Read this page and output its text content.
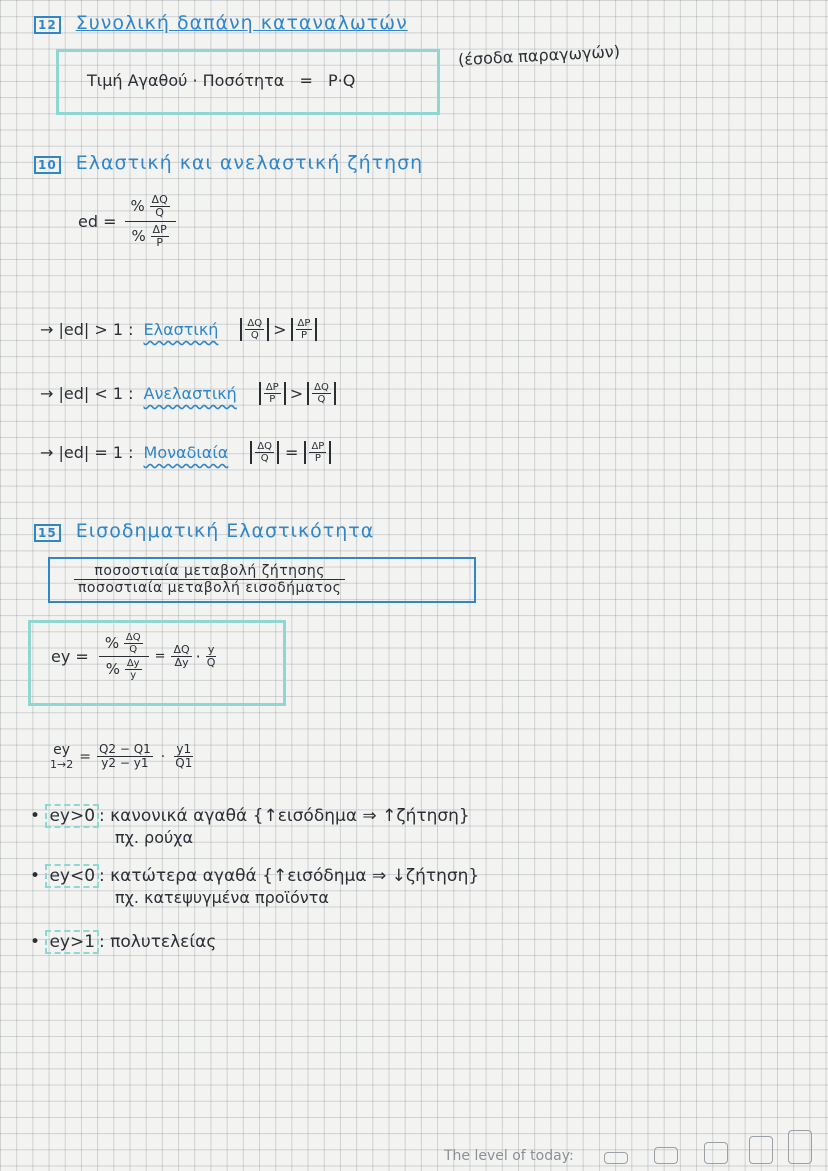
12 Συνολική δαπάνη καταναλωτών
Τιμή Αγαθού · Ποσότητα = P·Q
(έσοδα παραγωγών)
10 Ελαστική και ανελαστική ζήτηση
ed = $\frac{\% \frac{\Delta Q}{Q}}{\% \frac{\Delta P}{P}}$
→ |ed| > 1 : Ελαστική	$\frac{\Delta Q}{Q} > \frac{\Delta P}{P}$
→ |ed| < 1 : Ανελαστική	$\frac{\Delta P}{P} > \frac{\Delta Q}{Q}$
→ |ed| = 1 : Μοναδιαία	$\frac{\Delta Q}{Q} = \frac{\Delta P}{P}$
15 Εισοδηματική Ελαστικότητα
ποσοστιαία μεταβολή ζήτησης
ποσοστιαία μεταβολή εισοδήματος
ey = $\frac{\% \frac{\Delta Q}{Q}}{\% \frac{\Delta y}{y}} = \frac{\Delta Q}{\Delta y} \cdot \frac{y}{Q}$
ey
$1\to 2 = \frac{Q2 - Q1}{y2 - y1} \cdot \frac{y1}{Q1}$
• ey>0 : κανονικά αγαθά {↑εισόδημα ⇒ ↑ζήτηση}
πχ. ρούχα
• ey<0 : κατώτερα αγαθά {↑εισόδημα ⇒ ↓ζήτηση}
πχ. κατεψυγμένα προϊόντα
• ey>1 : πολυτελείας
The level of today:
